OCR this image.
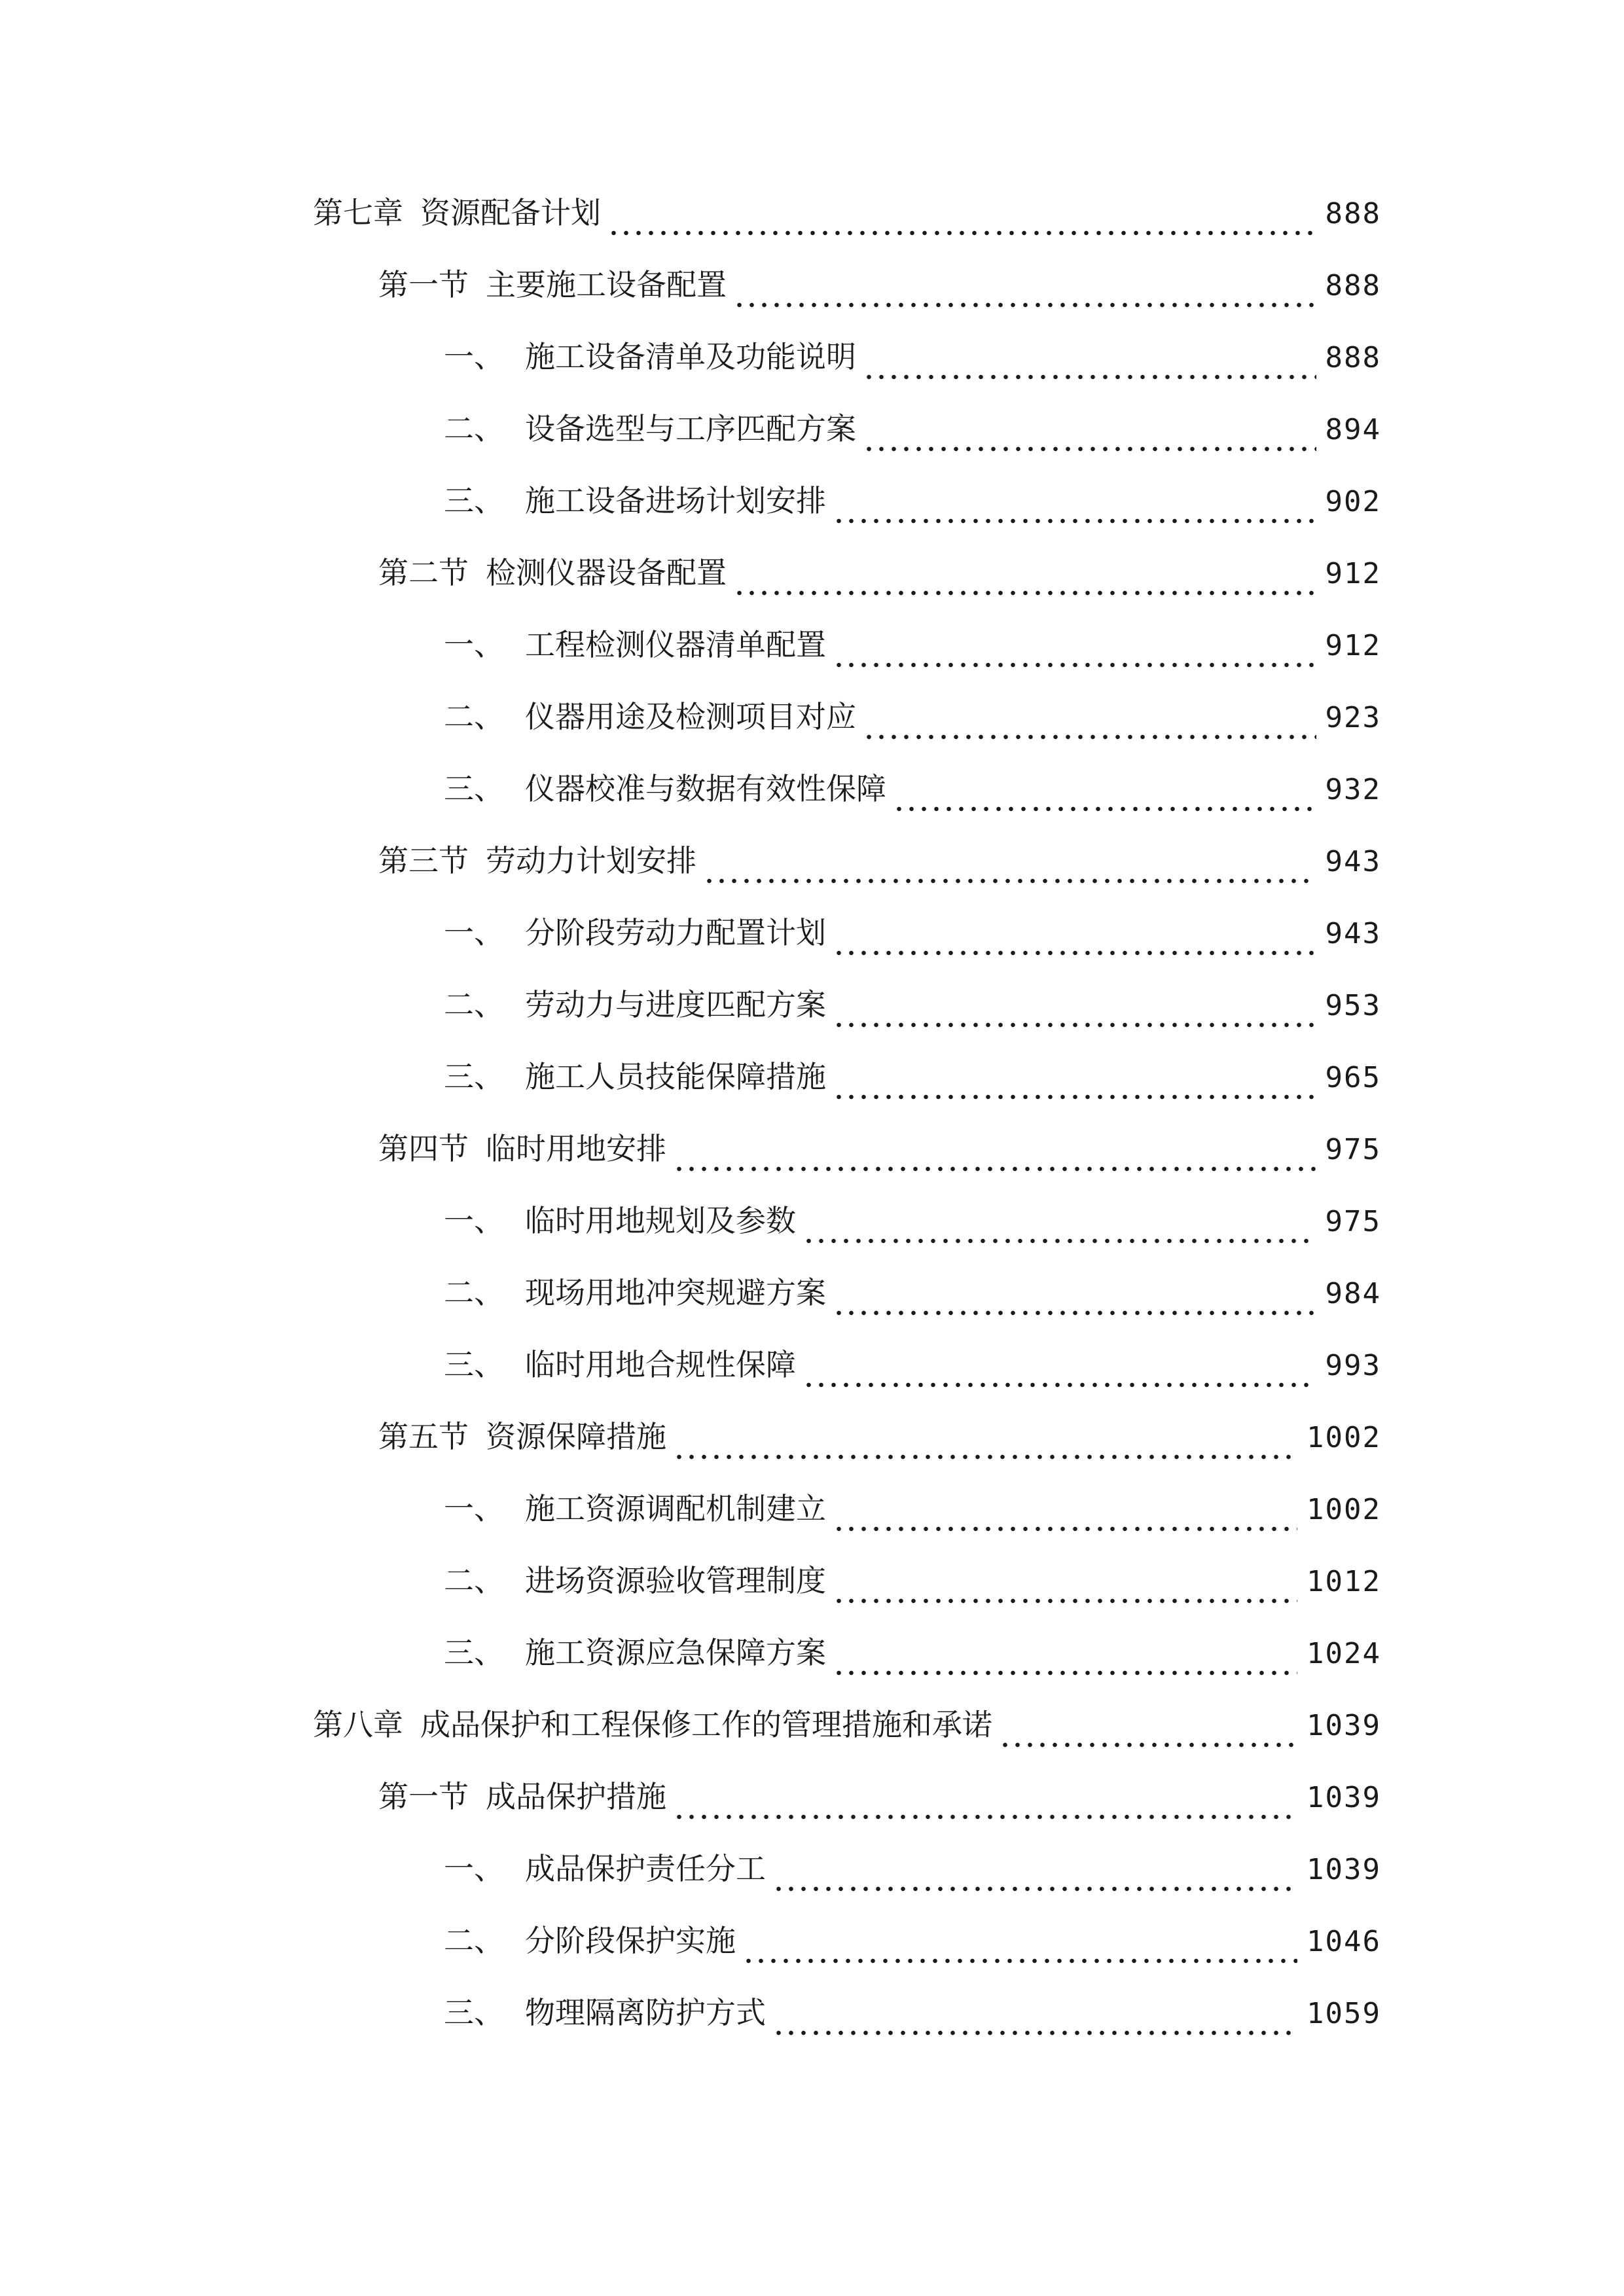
第七章 资源配备计划	888
第一节 主要施工设备配置	888
一、 施工设备清单及功能说明	888
二、 设备选型与工序匹配方案	894
三、 施工设备进场计划安排	902
第二节 检测仪器设备配置	912
一、 工程检测仪器清单配置	912
二、 仪器用途及检测项目对应	923
三、 仪器校准与数据有效性保障	932
第三节 劳动力计划安排	943
一、 分阶段劳动力配置计划	943
二、 劳动力与进度匹配方案	953
三、 施工人员技能保障措施	965
第四节 临时用地安排	975
一、 临时用地规划及参数	975
二、 现场用地冲突规避方案	984
三、 临时用地合规性保障	993
第五节 资源保障措施	1002
一、 施工资源调配机制建立	1002
二、 进场资源验收管理制度	1012
三、 施工资源应急保障方案	1024
第八章 成品保护和工程保修工作的管理措施和承诺	1039
第一节 成品保护措施	1039
一、 成品保护责任分工	1039
二、 分阶段保护实施	1046
三、 物理隔离防护方式	1059
